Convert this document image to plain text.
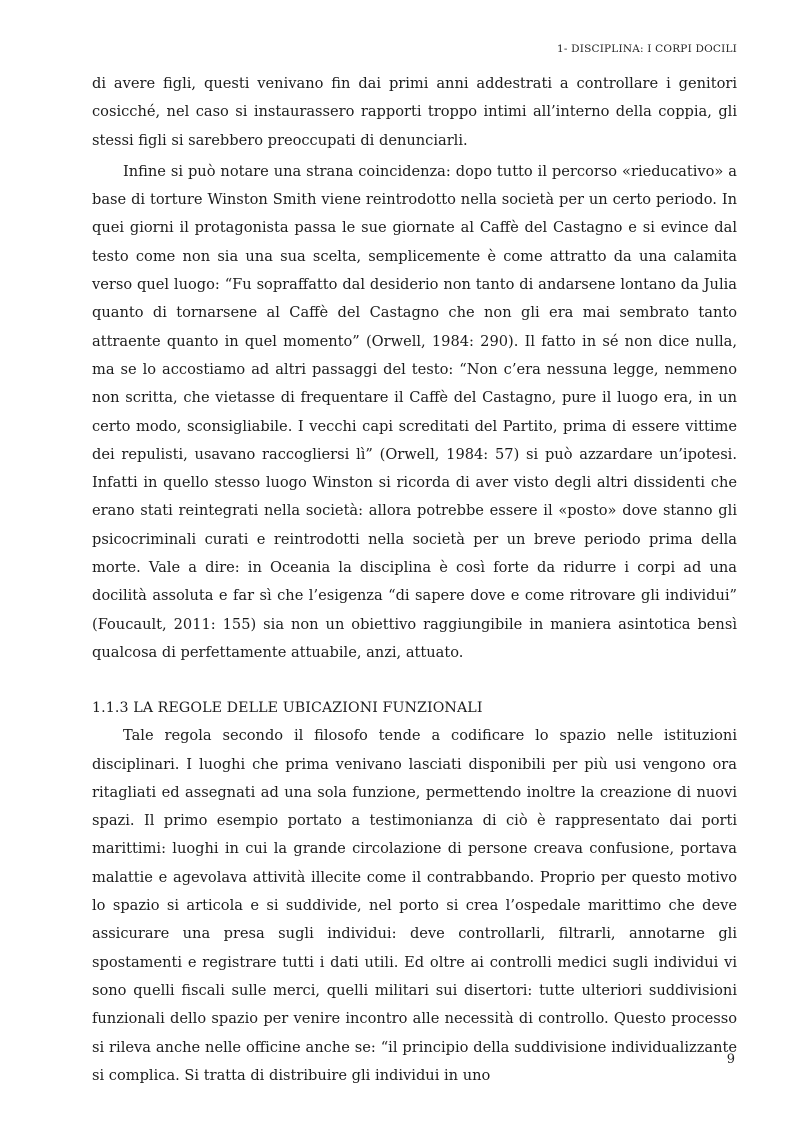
1- DISCIPLINA: I CORPI DOCILI

di avere figli, questi venivano fin dai primi anni addestrati a controllare i genitori cosicché, nel caso si instaurassero rapporti troppo intimi all’interno della coppia, gli stessi figli si sarebbero preoccupati di denunciarli.

Infine si può notare una strana coincidenza: dopo tutto il percorso «rieducativo» a base di torture Winston Smith viene reintrodotto nella società per un certo periodo. In quei giorni il protagonista passa le sue giornate al Caffè del Castagno e si evince dal testo come non sia una sua scelta, semplicemente è come attratto da una calamita verso quel luogo: “Fu sopraffatto dal desiderio non tanto di andarsene lontano da Julia quanto di tornarsene al Caffè del Castagno che non gli era mai sembrato tanto attraente quanto in quel momento” (Orwell, 1984: 290). Il fatto in sé non dice nulla, ma se lo accostiamo ad altri passaggi del testo: “Non c’era nessuna legge, nemmeno non scritta, che vietasse di frequentare il Caffè del Castagno, pure il luogo era, in un certo modo, sconsigliabile. I vecchi capi screditati del Partito, prima di essere vittime dei repulisti, usavano raccogliersi lì” (Orwell, 1984: 57) si può azzardare un’ipotesi. Infatti in quello stesso luogo Winston si ricorda di aver visto degli altri dissidenti che erano stati reintegrati nella società: allora potrebbe essere il «posto» dove stanno gli psicocriminali curati e reintrodotti nella società per un breve periodo prima della morte. Vale a dire: in Oceania la disciplina è così forte da ridurre i corpi ad una docilità assoluta e far sì che l’esigenza “di sapere dove e come ritrovare gli individui” (Foucault, 2011: 155) sia non un obiettivo raggiungibile in maniera asintotica bensì qualcosa di perfettamente attuabile, anzi, attuato.

1.1.3 LA REGOLE DELLE UBICAZIONI FUNZIONALI

Tale regola secondo il filosofo tende a codificare lo spazio nelle istituzioni disciplinari. I luoghi che prima venivano lasciati disponibili per più usi vengono ora ritagliati ed assegnati ad una sola funzione, permettendo inoltre la creazione di nuovi spazi. Il primo esempio portato a testimonianza di ciò è rappresentato dai porti marittimi: luoghi in cui la grande circolazione di persone creava confusione, portava malattie e agevolava attività illecite come il contrabbando. Proprio per questo motivo lo spazio si articola e si suddivide, nel porto si crea l’ospedale marittimo che deve assicurare una presa sugli individui: deve controllarli, filtrarli, annotarne gli spostamenti e registrare tutti i dati utili. Ed oltre ai controlli medici sugli individui vi sono quelli fiscali sulle merci, quelli militari sui disertori: tutte ulteriori suddivisioni funzionali dello spazio per venire incontro alle necessità di controllo. Questo processo si rileva anche nelle officine anche se: “il principio della suddivisione individualizzante si complica. Si tratta di distribuire gli individui in uno

9
